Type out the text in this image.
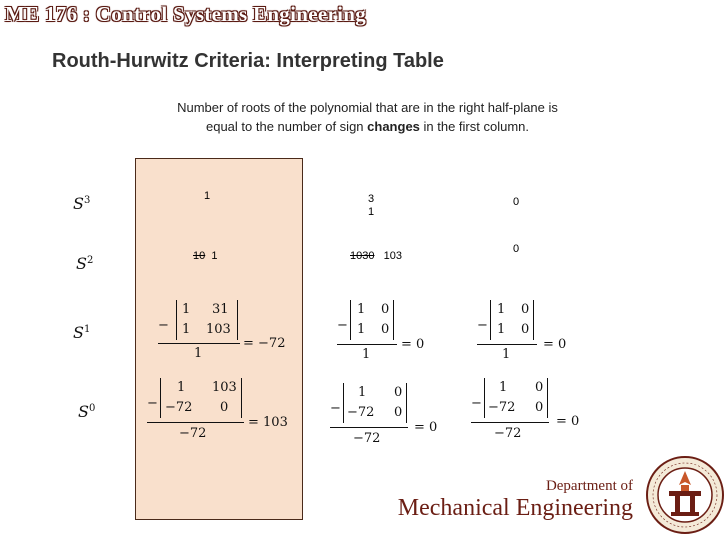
ME 176 : Control Systems Engineering
Routh-Hurwitz Criteria: Interpreting Table
Number of roots of the polynomial that are in the right half-plane is
equal to the number of sign changes in the first column.
$S^3$
$S^2$
$S^1$
$S^0$
1	3
1
0
10 1	1030 103
0
−
1 31
1 103
1
= −72
−
1 0
1 0
1
= 0
−
1 0
1 0
1
= 0
−
1 103
−72 0
−72
= 103
−
1 0
−72 0
−72
= 0
−
1 0
−72 0
−72
= 0
Department of
Mechanical Engineering
